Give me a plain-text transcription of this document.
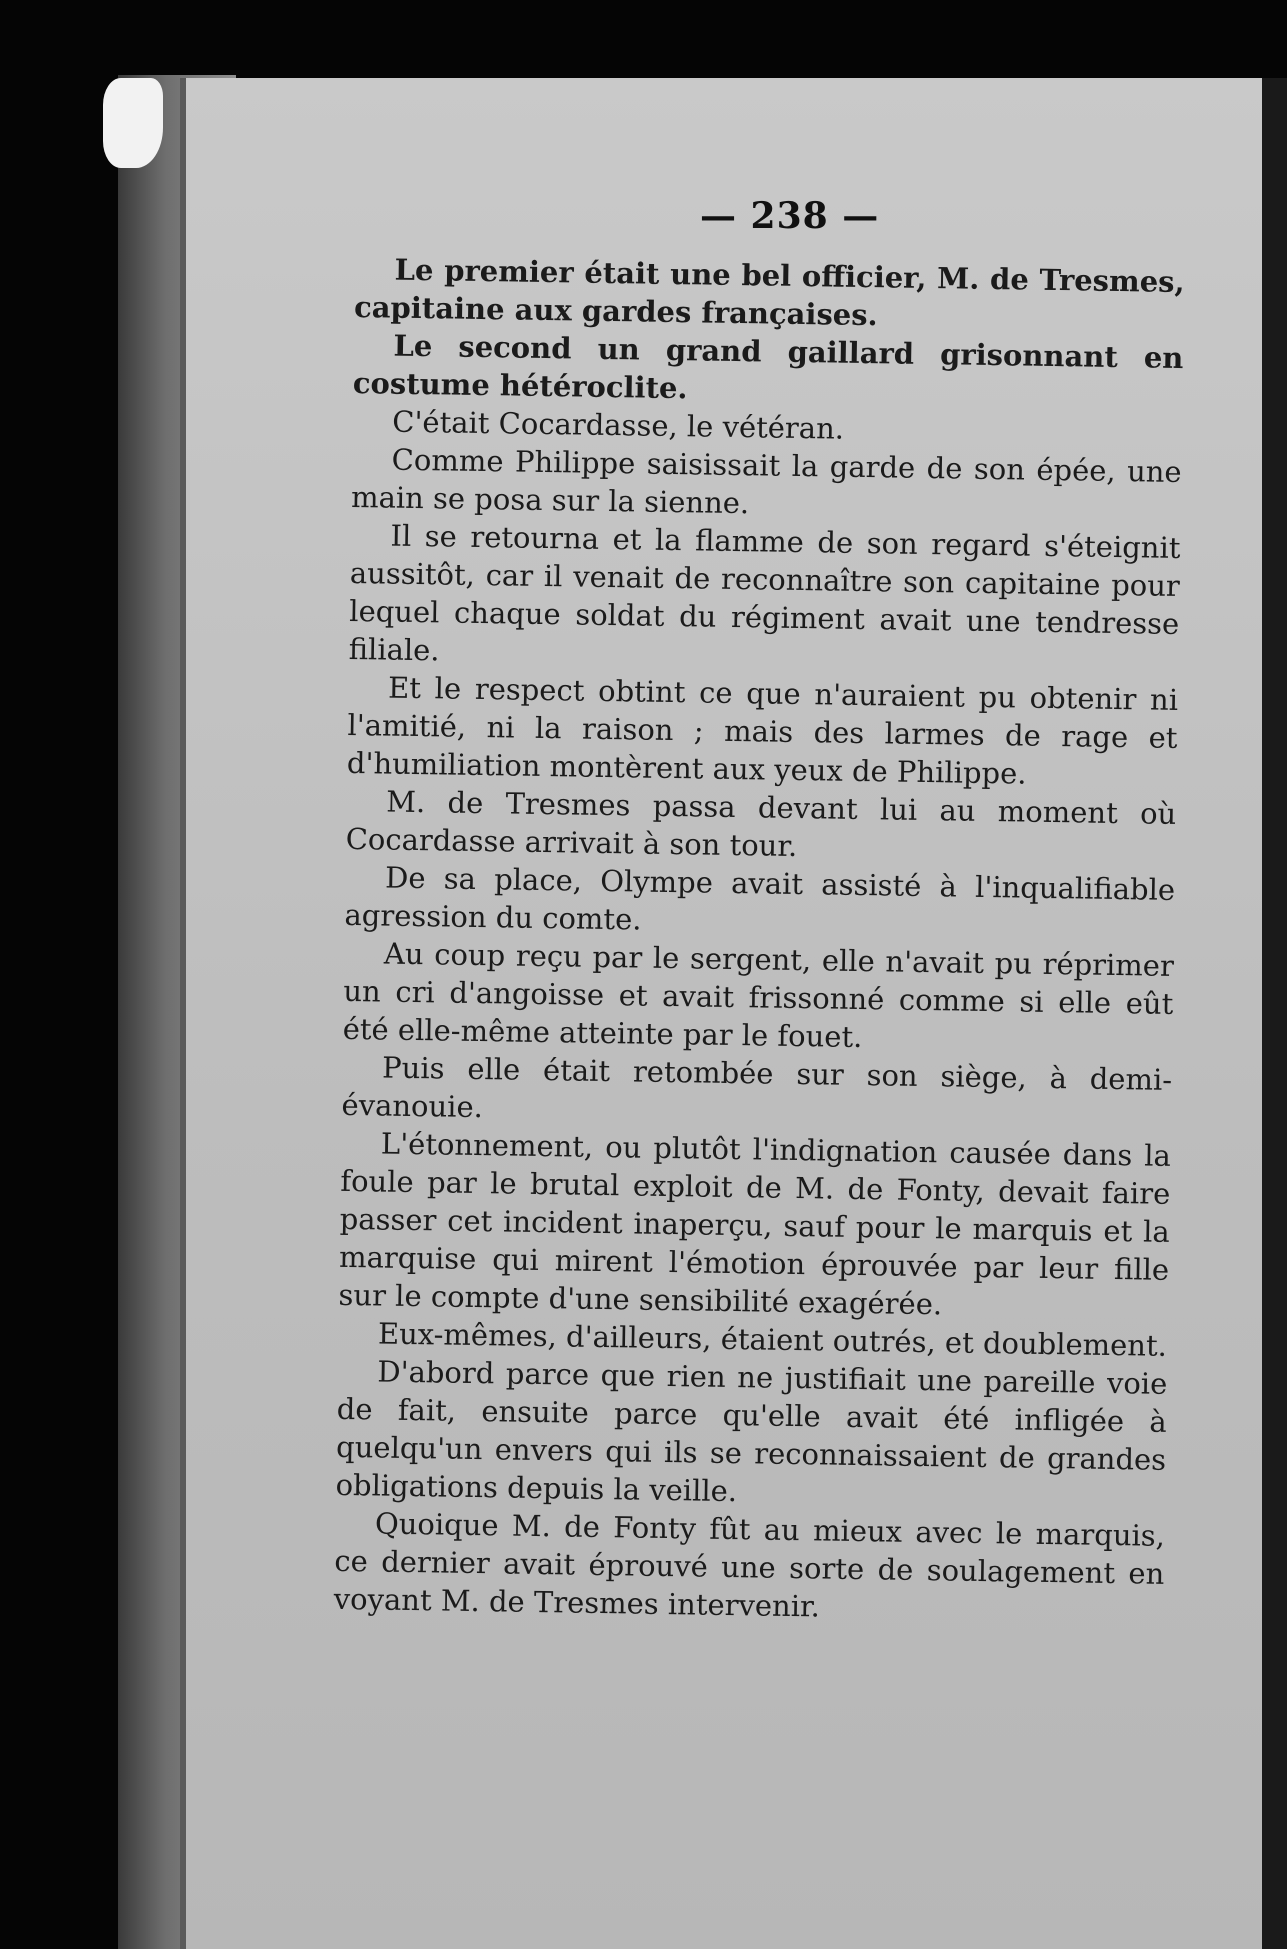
— 238 —

Le premier était une bel officier, M. de Tresmes, capitaine aux gardes françaises.

Le second un grand gaillard grisonnant en costume hétéroclite.

C'était Cocardasse, le vétéran.

Comme Philippe saisissait la garde de son épée, une main se posa sur la sienne.

Il se retourna et la flamme de son regard s'éteignit aussitôt, car il venait de reconnaître son capitaine pour lequel chaque soldat du régiment avait une tendresse filiale.

Et le respect obtint ce que n'auraient pu obtenir ni l'amitié, ni la raison ; mais des larmes de rage et d'humiliation montèrent aux yeux de Philippe.

M. de Tresmes passa devant lui au moment où Cocardasse arrivait à son tour.

De sa place, Olympe avait assisté à l'inqualifiable agression du comte.

Au coup reçu par le sergent, elle n'avait pu réprimer un cri d'angoisse et avait frissonné comme si elle eût été elle-même atteinte par le fouet.

Puis elle était retombée sur son siège, à demi-évanouie.

L'étonnement, ou plutôt l'indignation causée dans la foule par le brutal exploit de M. de Fonty, devait faire passer cet incident inaperçu, sauf pour le marquis et la marquise qui mirent l'émotion éprouvée par leur fille sur le compte d'une sensibilité exagérée.

Eux-mêmes, d'ailleurs, étaient outrés, et doublement.

D'abord parce que rien ne justifiait une pareille voie de fait, ensuite parce qu'elle avait été infligée à quelqu'un envers qui ils se reconnaissaient de grandes obligations depuis la veille.

Quoique M. de Fonty fût au mieux avec le marquis, ce dernier avait éprouvé une sorte de soulagement en voyant M. de Tresmes intervenir.
